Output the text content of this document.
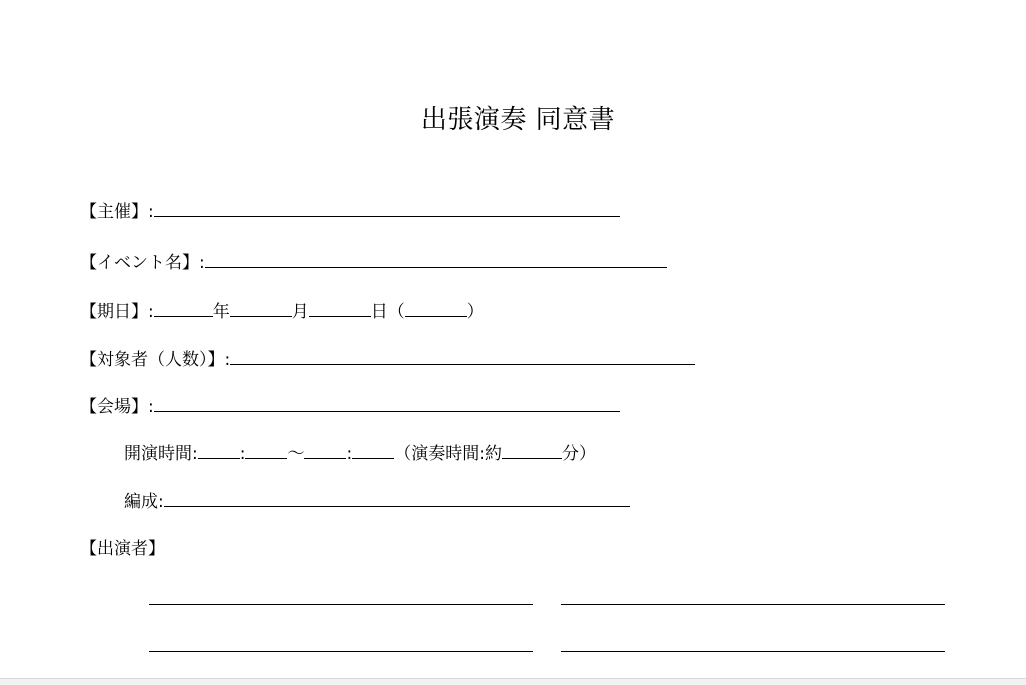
出張演奏 同意書
【主催】:
【イベント名】:
【期日】:	年	月	日（	）
【対象者（人数）】:
【会場】:
開演時間: : ～ : （演奏時間:約	分）
編成:
【出演者】
